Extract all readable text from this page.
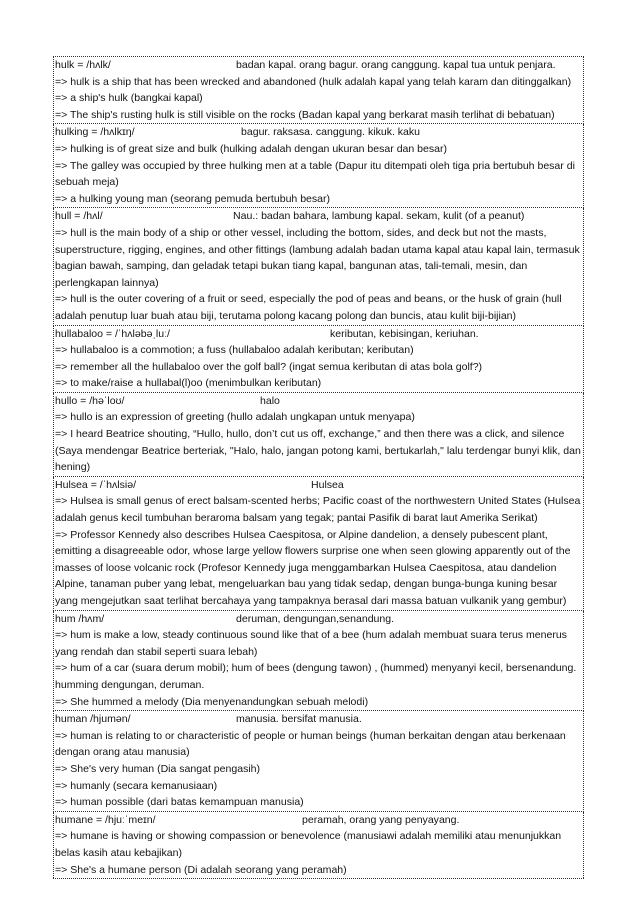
hulk = /hʌlk/	badan kapal. orang bagur. orang canggung. kapal tua untuk penjara.
=> hulk is a ship that has been wrecked and abandoned (hulk adalah kapal yang telah karam dan ditinggalkan)
=> a ship's hulk (bangkai kapal)
=> The ship's rusting hulk is still visible on the rocks (Badan kapal yang berkarat masih terlihat di bebatuan)
hulking = /hʌlkɪŋ/	bagur. raksasa. canggung. kikuk. kaku
=> hulking is of great size and bulk (hulking adalah dengan ukuran besar dan besar)
=> The galley was occupied by three hulking men at a table (Dapur itu ditempati oleh tiga pria bertubuh besar di sebuah meja)
=> a hulking young man (seorang pemuda bertubuh besar)
hull = /hʌl/	Nau.: badan bahara, lambung kapal. sekam, kulit (of a peanut)
=> hull is the main body of a ship or other vessel, including the bottom, sides, and deck but not the masts, superstructure, rigging, engines, and other fittings (lambung adalah badan utama kapal atau kapal lain, termasuk bagian bawah, samping, dan geladak tetapi bukan tiang kapal, bangunan atas, tali-temali, mesin, dan perlengkapan lainnya)
=> hull is the outer covering of a fruit or seed, especially the pod of peas and beans, or the husk of grain (hull adalah penutup luar buah atau biji, terutama polong kacang polong dan buncis, atau kulit biji-bijian)
hullabaloo = /ˈhʌləbəˌluː/	keributan, kebisingan, keriuhan.
=> hullabaloo is a commotion; a fuss (hullabaloo adalah keributan; keributan)
=> remember all the hullabaloo over the golf ball? (ingat semua keributan di atas bola golf?)
=> to make/raise a hullabal(l)oo (menimbulkan keributan)
hullo = /həˈloʊ/	halo
=> hullo is an expression of greeting (hullo adalah ungkapan untuk menyapa)
=> I heard Beatrice shouting, “Hullo, hullo, don’t cut us off, exchange,” and then there was a click, and silence (Saya mendengar Beatrice berteriak, "Halo, halo, jangan potong kami, bertukarlah," lalu terdengar bunyi klik, dan hening)
Hulsea = /ˈhʌlsiə/	Hulsea
=> Hulsea is small genus of erect balsam-scented herbs; Pacific coast of the northwestern United States (Hulsea adalah genus kecil tumbuhan beraroma balsam yang tegak; pantai Pasifik di barat laut Amerika Serikat)
=> Professor Kennedy also describes Hulsea Caespitosa, or Alpine dandelion, a densely pubescent plant, emitting a disagreeable odor, whose large yellow flowers surprise one when seen glowing apparently out of the masses of loose volcanic rock (Profesor Kennedy juga menggambarkan Hulsea Caespitosa, atau dandelion Alpine, tanaman puber yang lebat, mengeluarkan bau yang tidak sedap, dengan bunga-bunga kuning besar yang mengejutkan saat terlihat bercahaya yang tampaknya berasal dari massa batuan vulkanik yang gembur)
hum /hʌm/	deruman, dengungan,senandung.
=> hum is make a low, steady continuous sound like that of a bee (hum adalah membuat suara terus menerus yang rendah dan stabil seperti suara lebah)
=> hum of a car (suara derum mobil); hum of bees (dengung tawon) , (hummed) menyanyi kecil, bersenandung. humming dengungan, deruman.
=> She hummed a melody (Dia menyenandungkan sebuah melodi)
human /hjumən/	manusia. bersifat manusia.
=> human is relating to or characteristic of people or human beings (human berkaitan dengan atau berkenaan dengan orang atau manusia)
=> She's very human (Dia sangat pengasih)
=> humanly (secara kemanusiaan)
=> human possible (dari batas kemampuan manusia)
humane = /hjuːˈmeɪn/	peramah, orang yang penyayang.
=> humane is having or showing compassion or benevolence (manusiawi adalah memiliki atau menunjukkan belas kasih atau kebajikan)
=> She's a humane person (Di adalah seorang yang peramah)
